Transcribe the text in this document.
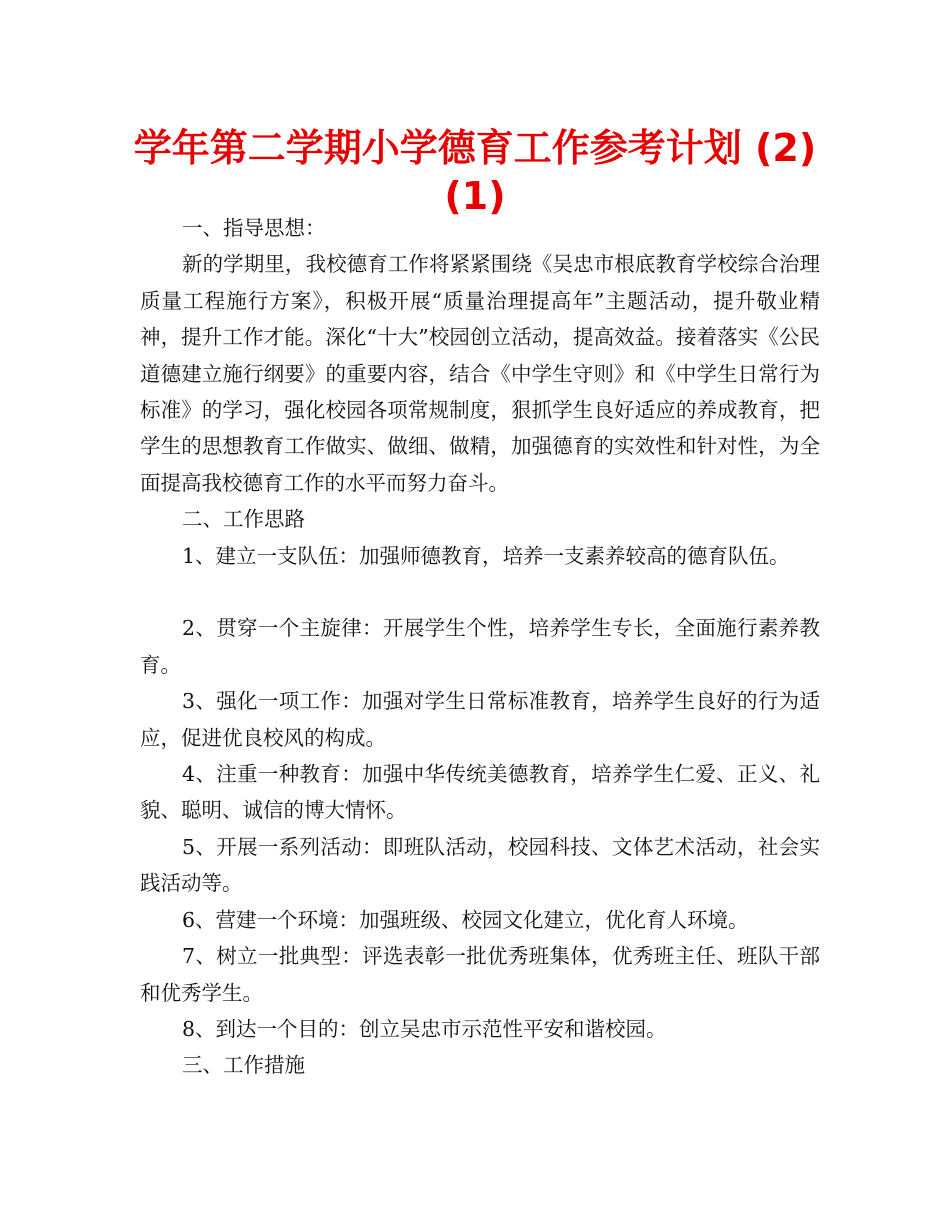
学年第二学期小学德育工作参考计划 (2)
(1)

一、指导思想：

新的学期里，我校德育工作将紧紧围绕《吴忠市根底教育学校综合治理质量工程施行方案》，积极开展“质量治理提高年”主题活动，提升敬业精神，提升工作才能。深化“十大”校园创立活动，提高效益。接着落实《公民道德建立施行纲要》的重要内容，结合《中学生守则》和《中学生日常行为标准》的学习，强化校园各项常规制度，狠抓学生良好适应的养成教育，把学生的思想教育工作做实、做细、做精，加强德育的实效性和针对性，为全面提高我校德育工作的水平而努力奋斗。

二、工作思路

1、建立一支队伍：加强师德教育，培养一支素养较高的德育队伍。

2、贯穿一个主旋律：开展学生个性，培养学生专长，全面施行素养教育。

3、强化一项工作：加强对学生日常标准教育，培养学生良好的行为适应，促进优良校风的构成。

4、注重一种教育：加强中华传统美德教育，培养学生仁爱、正义、礼貌、聪明、诚信的博大情怀。

5、开展一系列活动：即班队活动，校园科技、文体艺术活动，社会实践活动等。

6、营建一个环境：加强班级、校园文化建立，优化育人环境。

7、树立一批典型：评选表彰一批优秀班集体，优秀班主任、班队干部和优秀学生。

8、到达一个目的：创立吴忠市示范性平安和谐校园。

三、工作措施
